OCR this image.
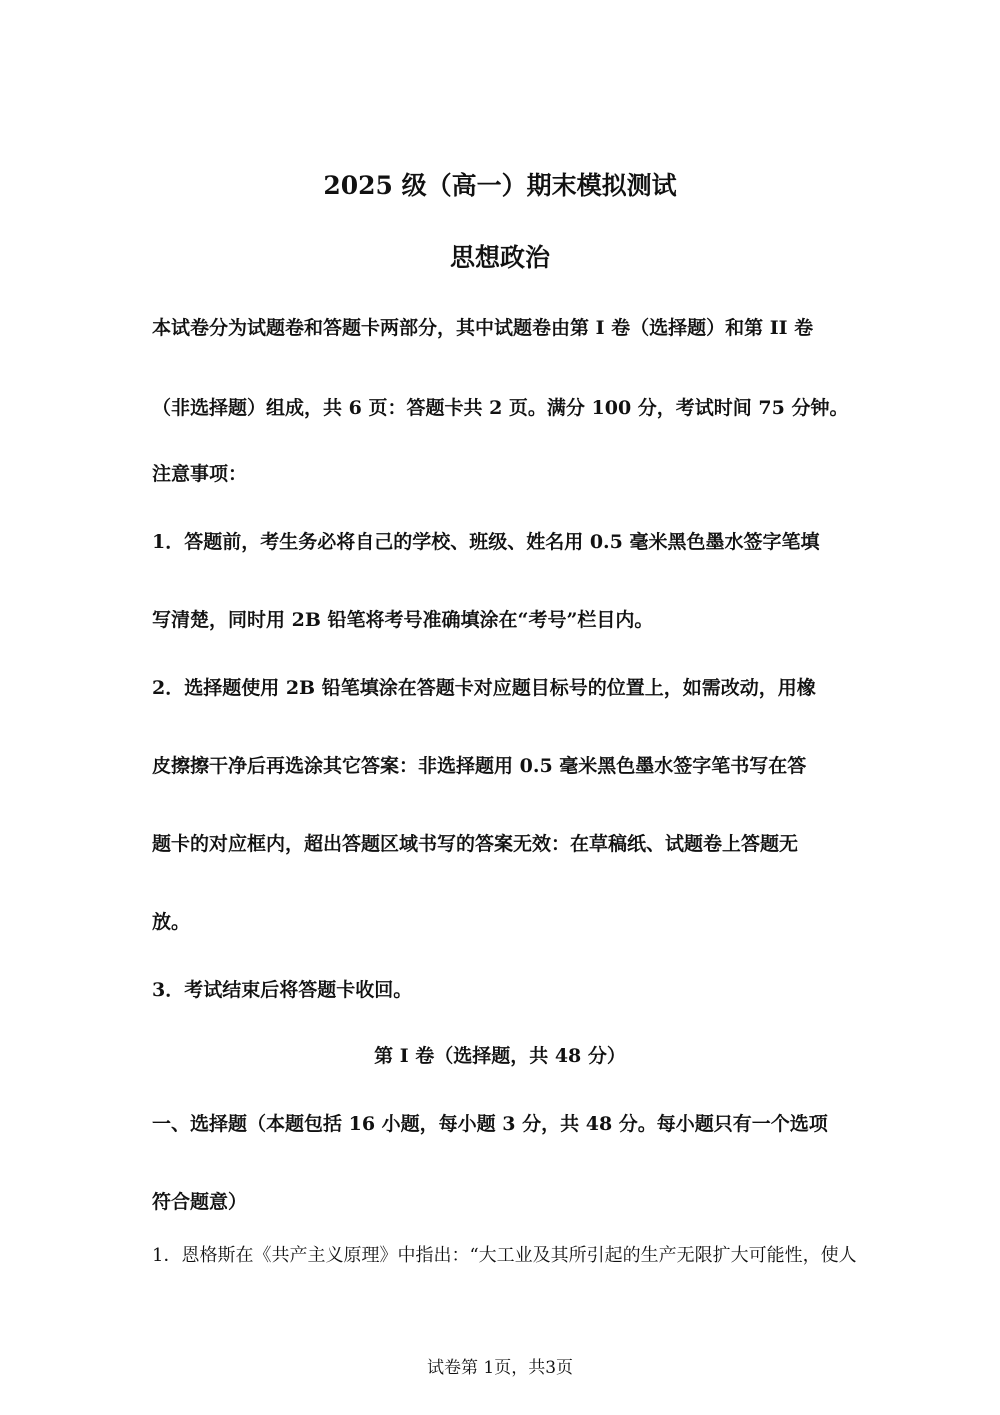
2025 级（高一）期末模拟测试
思想政治
本试卷分为试题卷和答题卡两部分，其中试题卷由第 I 卷（选择题）和第 II 卷
（非选择题）组成，共 6 页：答题卡共 2 页。满分 100 分，考试时间 75 分钟。
注意事项：
1．答题前，考生务必将自己的学校、班级、姓名用 0.5 毫米黑色墨水签字笔填
写清楚，同时用 2B 铅笔将考号准确填涂在“考号”栏目内。
2．选择题使用 2B 铅笔填涂在答题卡对应题目标号的位置上，如需改动，用橡
皮擦擦干净后再选涂其它答案：非选择题用 0.5 毫米黑色墨水签字笔书写在答
题卡的对应框内，超出答题区域书写的答案无效：在草稿纸、试题卷上答题无
放。
3．考试结束后将答题卡收回。
第 I 卷（选择题，共 48 分）
一、选择题（本题包括 16 小题，每小题 3 分，共 48 分。每小题只有一个选项
符合题意）
1．恩格斯在《共产主义原理》中指出：“大工业及其所引起的生产无限扩大可能性，使人
试卷第 1页，共3页
